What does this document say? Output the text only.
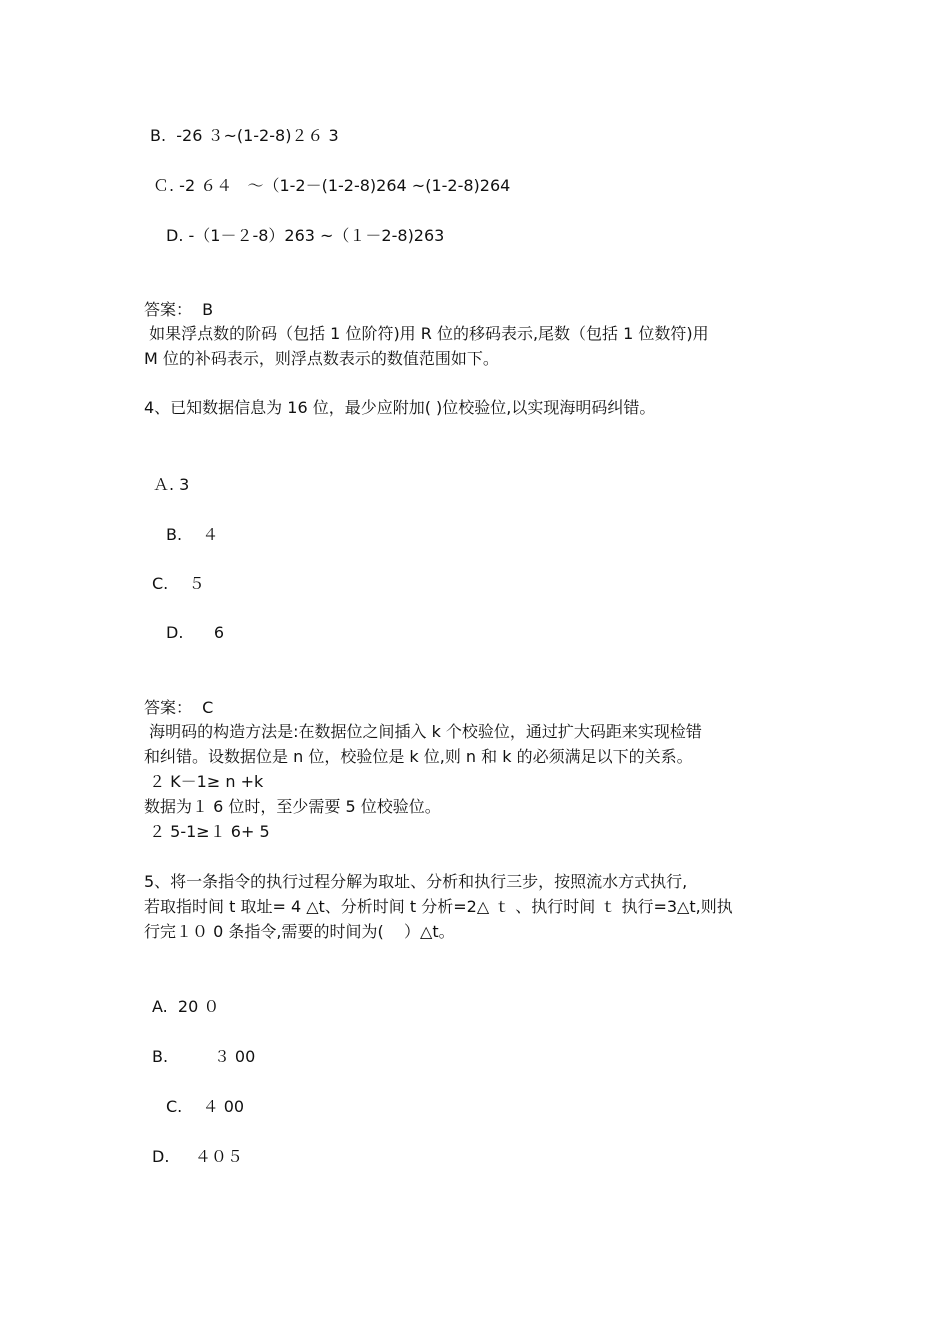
B.  -26 ３~(1-2-8)２６ 3
Ｃ. -2 ６４   ～（1-2－(1-2-8)264 ~(1-2-8)264
D. -（1－２-8）263 ~（１－2-8)263
答案：  B
如果浮点数的阶码（包括 1 位阶符)用 R 位的移码表示,尾数（包括 1 位数符)用
M 位的补码表示，则浮点数表示的数值范围如下。
4、已知数据信息为 16 位，最少应附加( )位校验位,以实现海明码纠错。
Ａ. 3
B.    ４
C.    ５
D.      6
答案：  C
海明码的构造方法是:在数据位之间插入 k 个校验位，通过扩大码距来实现检错
和纠错。设数据位是 n 位，校验位是 k 位,则 n 和 k 的必须满足以下的关系。
２ K－1≥ n +k
数据为１ 6 位时，至少需要 5 位校验位。
２ 5-1≥１ 6+ 5
5、将一条指令的执行过程分解为取址、分析和执行三步，按照流水方式执行,
若取指时间 t 取址= 4 △t、分析时间 t 分析=2△ ｔ 、执行时间 ｔ 执行=3△t,则执
行完１０ 0 条指令,需要的时间为(    ）△t。
A.  20 ０
B.         ３ 00
C.    ４ 00
D.     ４０５
